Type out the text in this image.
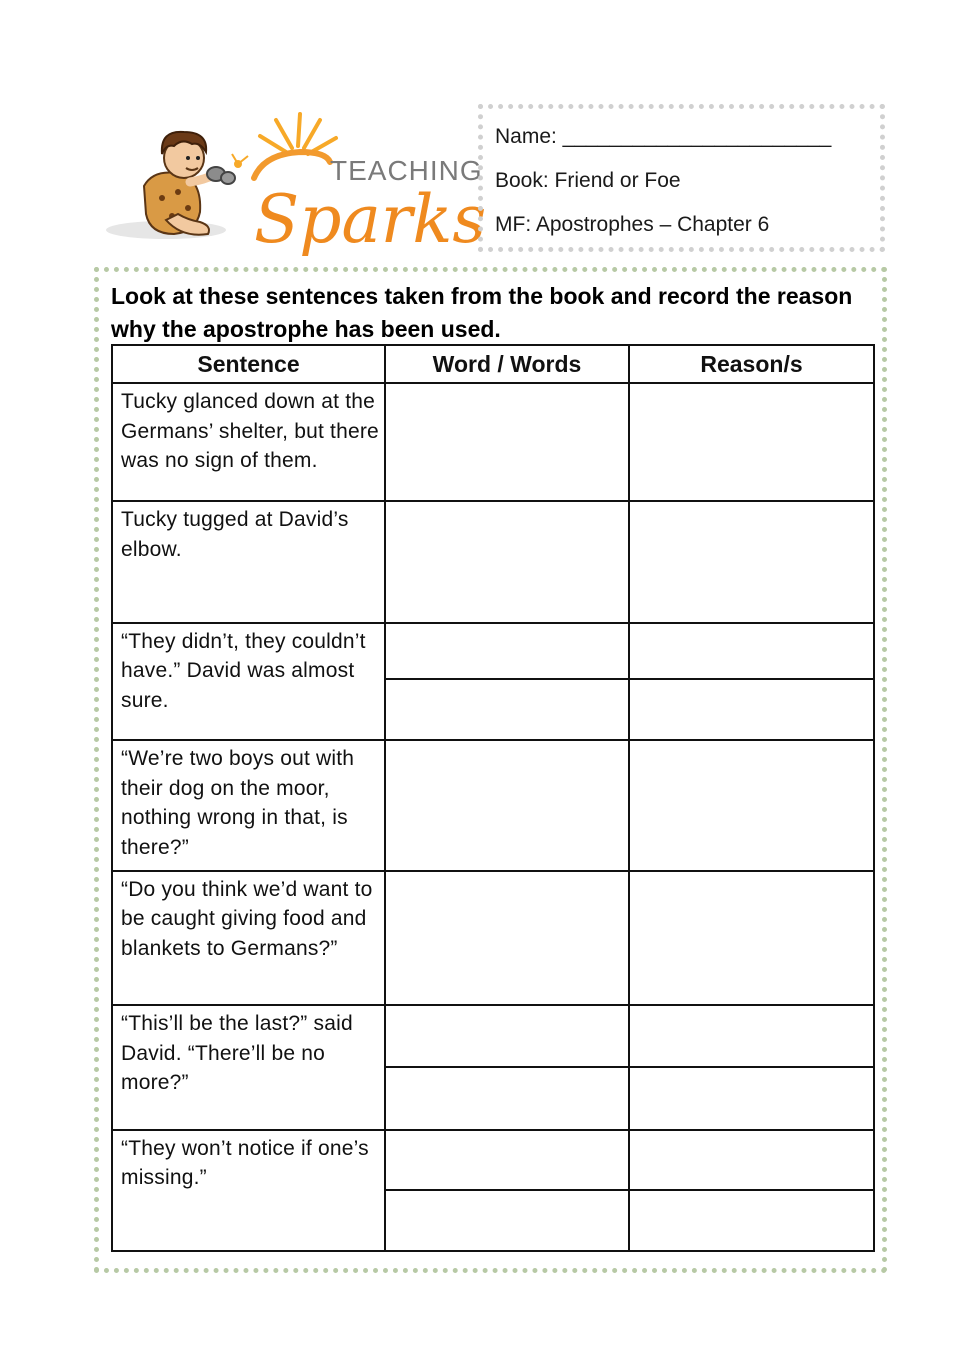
TEACHING
Sparks
Name: _______________________
Book: Friend or Foe
MF: Apostrophes – Chapter 6
Look at these sentences taken from the book and record the reason why the apostrophe has been used.
Sentence	Word / Words	Reason/s
Tucky glanced down at the Germans’ shelter, but there was no sign of them.		
Tucky tugged at David’s elbow.		
“They didn’t, they couldn’t have.” David was almost sure.		

“We’re two boys out with their dog on the moor, nothing wrong in that, is there?”		
“Do you think we’d want to be caught giving food and blankets to Germans?”		
“This’ll be the last?” said David. “There’ll be no more?”		

“They won’t notice if one’s missing.”		
